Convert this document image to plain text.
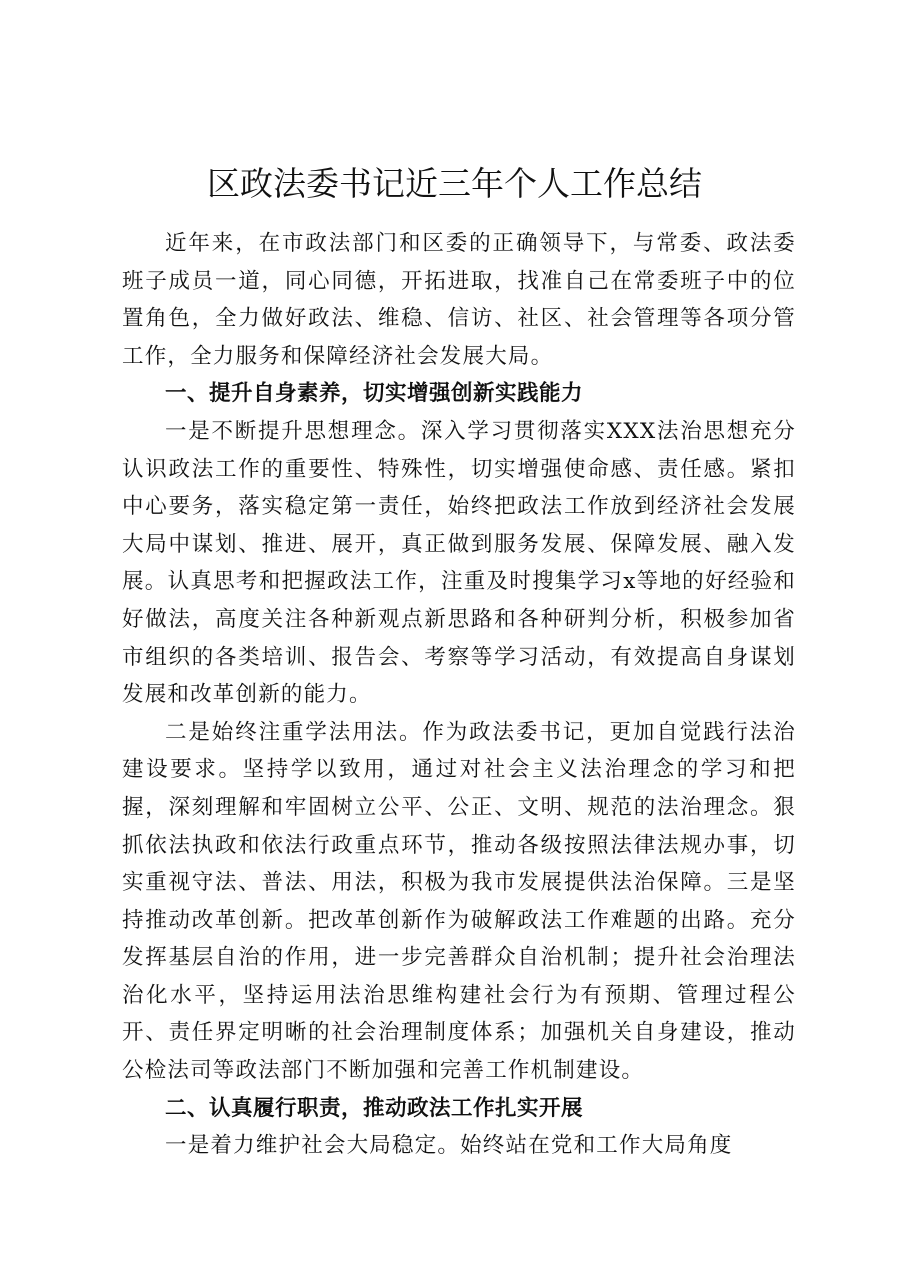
区政法委书记近三年个人工作总结

近年来，在市政法部门和区委的正确领导下，与常委、政法委班子成员一道，同心同德，开拓进取，找准自己在常委班子中的位置角色，全力做好政法、维稳、信访、社区、社会管理等各项分管工作，全力服务和保障经济社会发展大局。

一、提升自身素养，切实增强创新实践能力

一是不断提升思想理念。深入学习贯彻落实XXX法治思想充分认识政法工作的重要性、特殊性，切实增强使命感、责任感。紧扣中心要务，落实稳定第一责任，始终把政法工作放到经济社会发展大局中谋划、推进、展开，真正做到服务发展、保障发展、融入发展。认真思考和把握政法工作，注重及时搜集学习x等地的好经验和好做法，高度关注各种新观点新思路和各种研判分析，积极参加省市组织的各类培训、报告会、考察等学习活动，有效提高自身谋划发展和改革创新的能力。

二是始终注重学法用法。作为政法委书记，更加自觉践行法治建设要求。坚持学以致用，通过对社会主义法治理念的学习和把握，深刻理解和牢固树立公平、公正、文明、规范的法治理念。狠抓依法执政和依法行政重点环节，推动各级按照法律法规办事，切实重视守法、普法、用法，积极为我市发展提供法治保障。三是坚持推动改革创新。把改革创新作为破解政法工作难题的出路。充分发挥基层自治的作用，进一步完善群众自治机制；提升社会治理法治化水平，坚持运用法治思维构建社会行为有预期、管理过程公开、责任界定明晰的社会治理制度体系；加强机关自身建设，推动公检法司等政法部门不断加强和完善工作机制建设。

二、认真履行职责，推动政法工作扎实开展

一是着力维护社会大局稳定。始终站在党和工作大局角度
